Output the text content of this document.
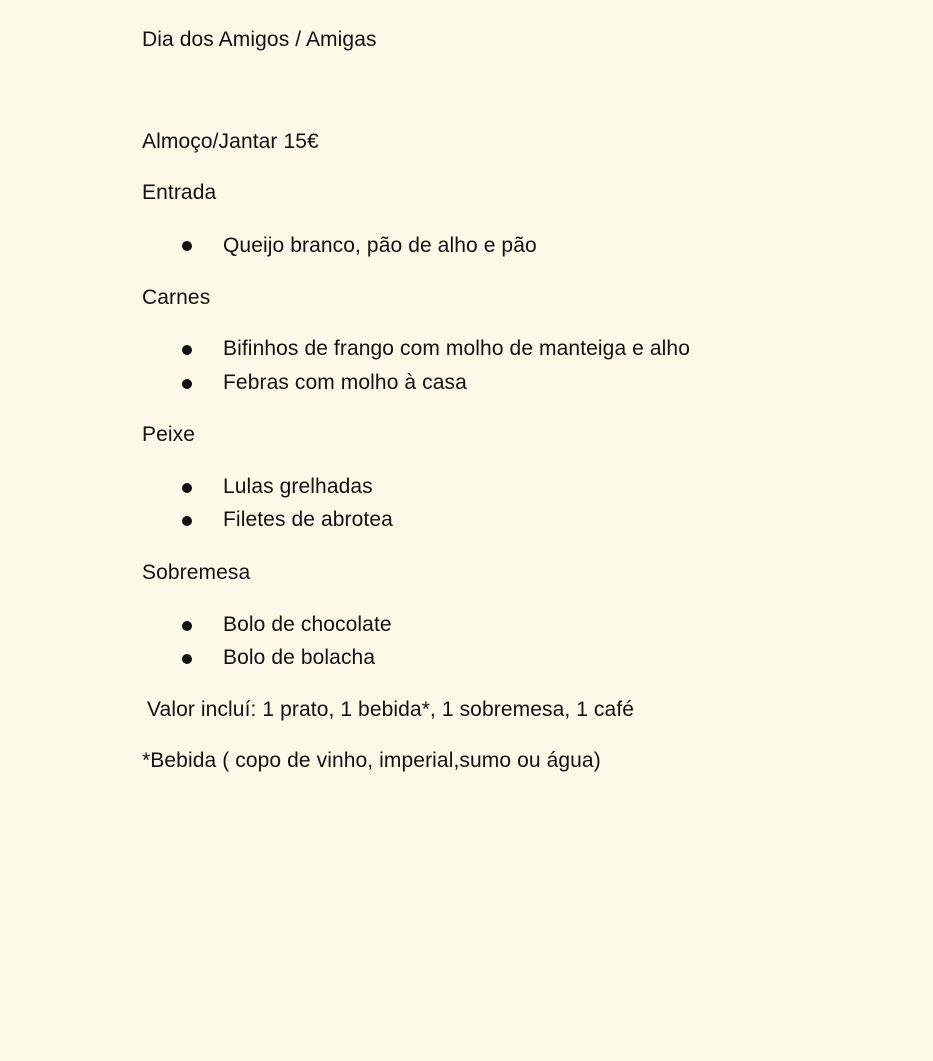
Dia dos Amigos / Amigas
Almoço/Jantar 15€
Entrada
Queijo branco, pão de alho e pão
Carnes
Bifinhos de frango com molho de manteiga e alho
Febras com molho à casa
Peixe
Lulas grelhadas
Filetes de abrotea
Sobremesa
Bolo de chocolate
Bolo de bolacha
Valor incluí: 1 prato, 1 bebida*, 1 sobremesa, 1 café
*Bebida ( copo de vinho, imperial,sumo ou água)
